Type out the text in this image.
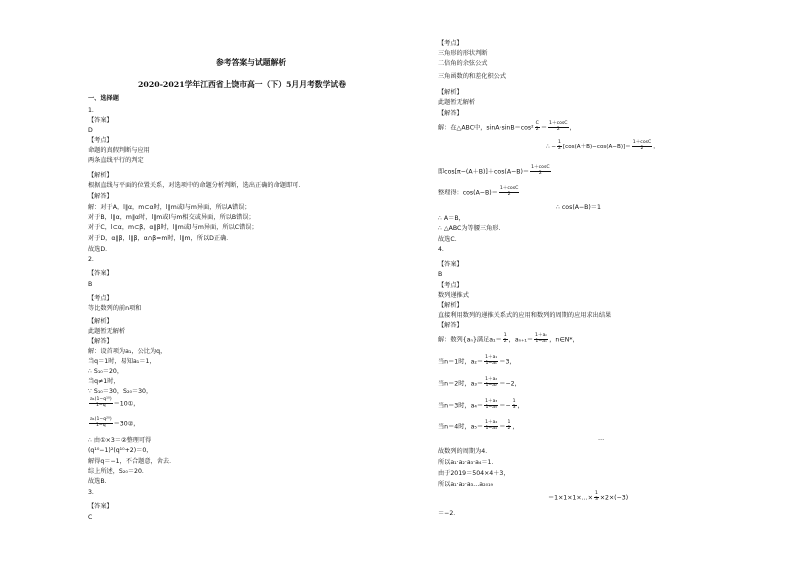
参考答案与试题解析
2020-2021学年江西省上饶市高一（下）5月月考数学试卷
一、选择题
1.
【答案】
D
【考点】
命题的真假判断与应用
两条直线平行的判定
【解析】
根据直线与平面的位置关系，对选项中的命题分析判断，选出正确的命题即可．
【解答】
解：对于A，l∥α，m⊂α时，l∥m或l与m异面，所以A错误；
对于B，l∥α，m∥α时，l∥m或l与m相交或异面，所以B错误；
对于C，l⊂α，m⊂β，α∥β时，l∥m或l与m异面，所以C错误；
对于D，α∥β，l∥β，α∩β=m时，l∥m，所以D正确．
故选D．
2.
【答案】
B
【考点】
等比数列的前n项和
【解析】
此题暂无解析
【解答】
解：设首项为a₁，公比为q，
当q＝1时，易知a₁＝1，
∴ S₁₀＝20，
当q≠1时，
∵ S₁₀＝30，S₂₀＝30，
$\frac{\text{a₁(1−q¹⁰)}}{1-q}$ ＝10①，
$\frac{\text{a₁(1−q²⁰)}}{1-q}$ ＝30②，
∴ 由①×3＝②整理可得
(q¹⁰−1)²(q¹⁰+2)＝0，
解得q＝−1，不合题意，舍去．
综上所述，S₂₀＝20．
故选B．
3.
【答案】
C
【考点】
三角形的形状判断
二倍角的余弦公式
三角函数的和差化积公式
【解析】
此题暂无解析
【解答】
解：在△ABC中，$\sin A\cdot\sin B=\cos^2 \frac{C}{2} = \frac{1+\cos C}{2}$ ，
∴ − $\frac{1}{2} [\cos(A+B)-\cos(A-B)]= \frac{1+\cos C}{2}$ ，
即$\cos[\pi-(A+B)]+\cos(A-B)= \frac{1+\cos C}{2}$
整理得：$\cos(A-B)= \frac{1+\cos C}{2}$
∴ cos(A−B)＝1
∴ A＝B，
∴ △ABC为等腰三角形．
故选C．
4.
【答案】
B
【考点】
数列递推式
【解析】
直接利用数列的递推关系式的应用和数列的周期的应用求出结果
【解答】
解：数列{aₙ}满足$a_1= \frac{1}{2}$ ，$a_{n+1}= \frac{\text{1＋aₙ}}{\text{1−aₙ}}$ ，n∈N*，
当n＝1时，$a_2= \frac{\text{1＋a₁}}{\text{1−a₁}} =3$，
当n＝2时，$a_3= \frac{\text{1＋a₂}}{\text{1−a₂}} =-2$，
当n＝3时，$a_4= \frac{\text{1＋a₃}}{\text{1−a₃}} =- \frac{1}{3}$ ，
当n＝4时，$a_5= \frac{\text{1＋a₄}}{\text{1−a₄}} = \frac{1}{2}$ ，
…
故数列的周期为4．
所以a₁·a₂·a₃·a₄＝1．
由于2019＝504×4＋3，
所以a₁·a₂·a₃…a₂₀₁₉
＝1×1×1×…× $\frac{1}{3} \times 2\times(-3)$
＝−2．
